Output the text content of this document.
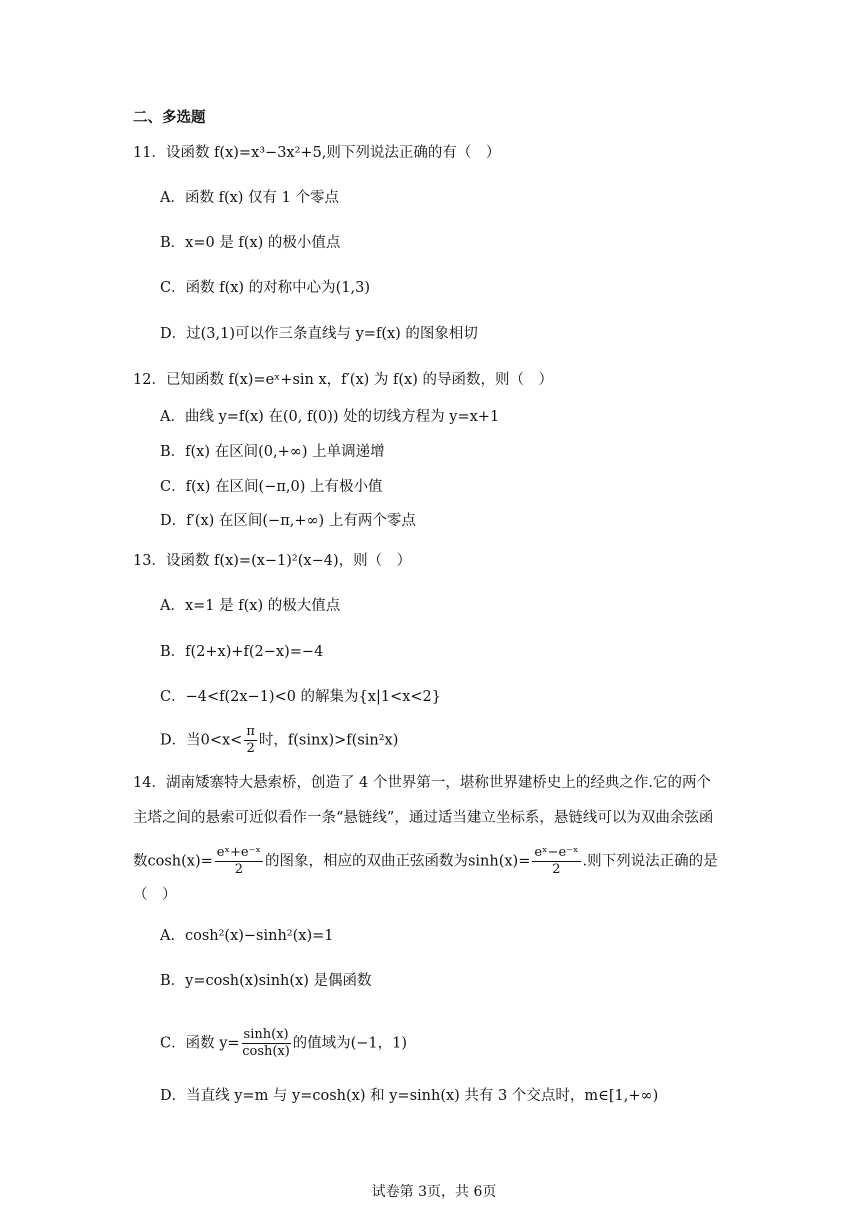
二、多选题
11．设函数 f(x)=x³−3x²+5,则下列说法正确的有（　）
A．函数 f(x) 仅有 1 个零点
B．x=0 是 f(x) 的极小值点
C．函数 f(x) 的对称中心为(1,3)
D．过(3,1)可以作三条直线与 y=f(x) 的图象相切
12．已知函数 f(x)=eˣ+sin x，f′(x) 为 f(x) 的导函数，则（　）
A．曲线 y=f(x) 在(0, f(0)) 处的切线方程为 y=x+1
B．f(x) 在区间(0,+∞) 上单调递增
C．f(x) 在区间(−π,0) 上有极小值
D．f′(x) 在区间(−π,+∞) 上有两个零点
13．设函数 f(x)=(x−1)²(x−4)，则（　）
A．x=1 是 f(x) 的极大值点
B．f(2+x)+f(2−x)=−4
C．−4<f(2x−1)<0 的解集为{x|1<x<2}
D．当$0<x< \frac{\pi}{2}$ 时，f(sinx)>f(sin²x)
14．湖南矮寨特大悬索桥，创造了 4 个世界第一，堪称世界建桥史上的经典之作.它的两个
主塔之间的悬索可近似看作一条“悬链线”，通过适当建立坐标系，悬链线可以为双曲余弦函
数$\cosh(x)= \frac{\text{eˣ+e⁻ˣ}}{2}$ 的图象，相应的双曲正弦函数为$\sinh(x)= \frac{\text{eˣ−e⁻ˣ}}{2}$ .则下列说法正确的是
（　）
A．cosh²(x)−sinh²(x)=1
B．y=cosh(x)sinh(x) 是偶函数
C．函数 $y= \frac{\sinh(x)}{\cosh(x)}$ 的值域为(−1，1)
D．当直线 y=m 与 y=cosh(x) 和 y=sinh(x) 共有 3 个交点时，m∈[1,+∞)
试卷第 3页，共 6页
